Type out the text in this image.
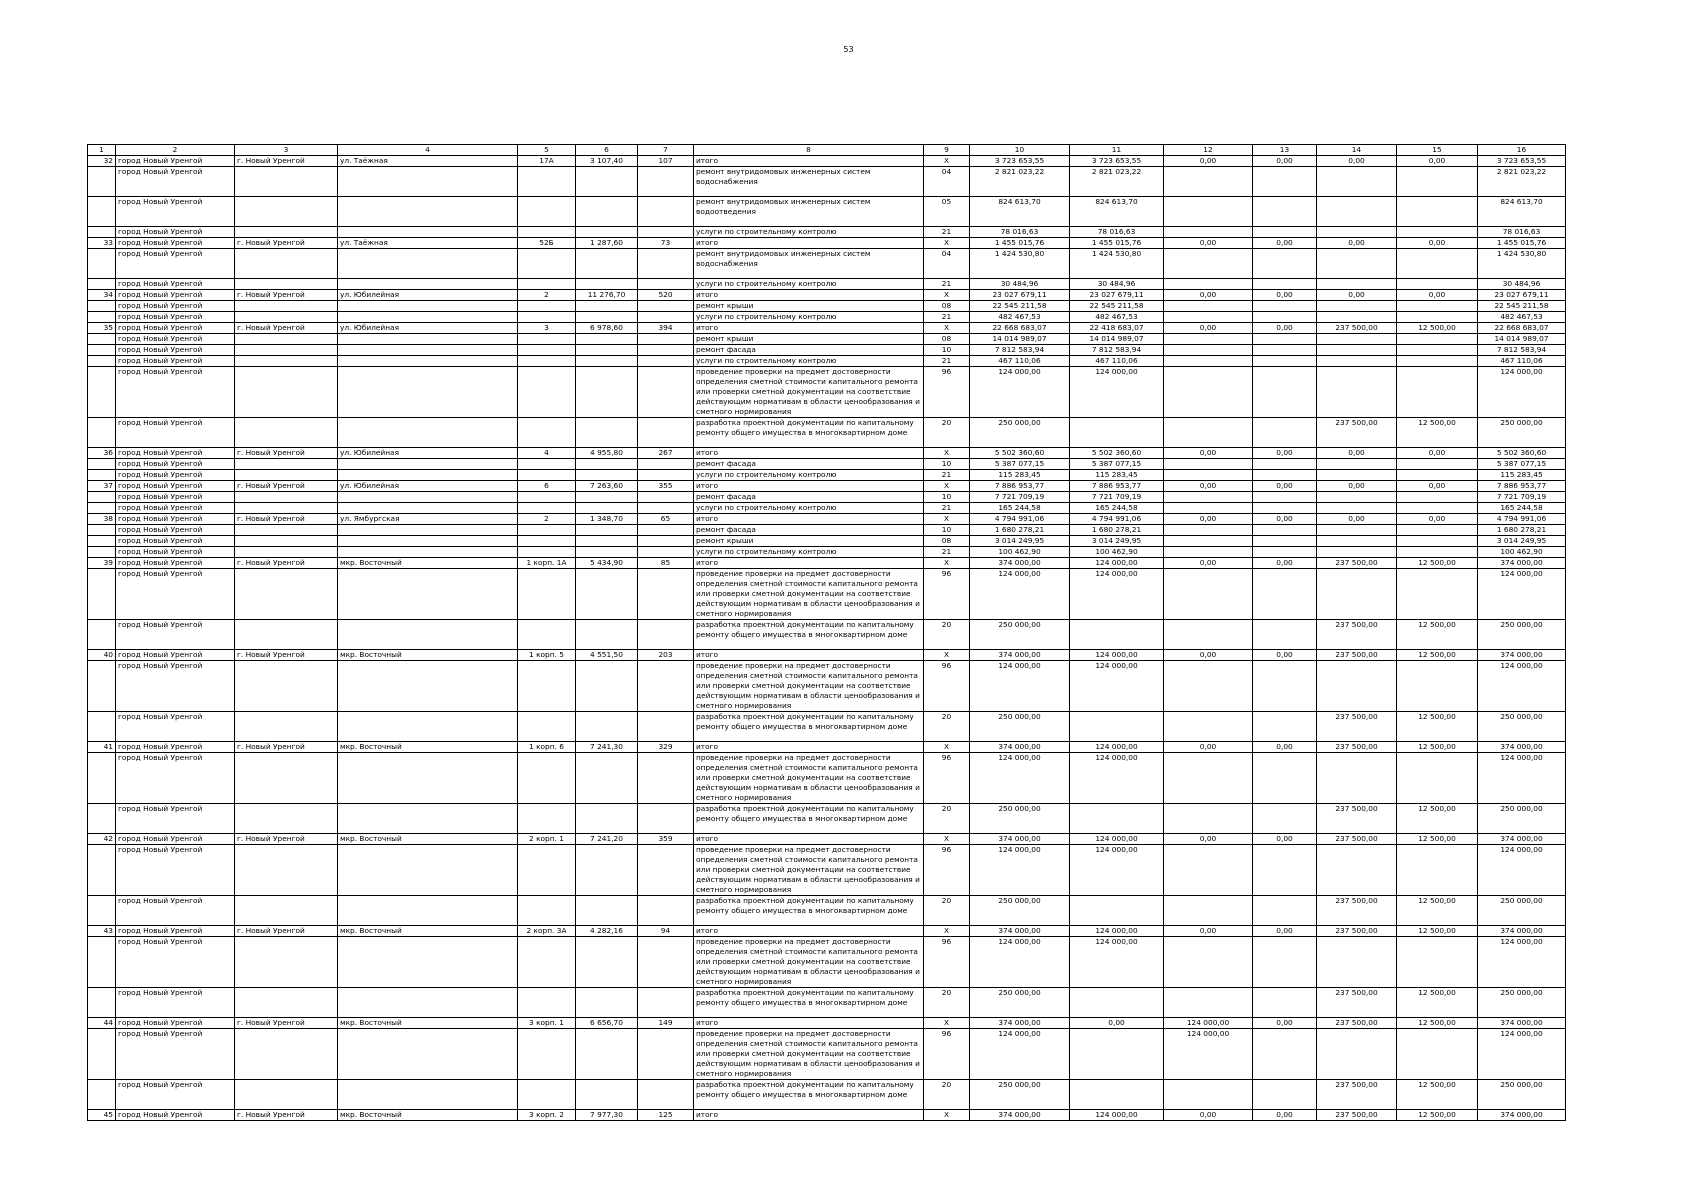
53
1	2	3	4	5	6	7	8	9	10	11	12	13	14	15	16
32	город Новый Уренгой	г. Новый Уренгой	ул. Таёжная	17А	3 107,40	107	итого	Х	3 723 653,55	3 723 653,55	0,00	0,00	0,00	0,00	3 723 653,55
	город Новый Уренгой						ремонт внутридомовых инженерных систем водоснабжения	04	2 821 023,22	2 821 023,22					2 821 023,22
	город Новый Уренгой						ремонт внутридомовых инженерных систем водоотведения	05	824 613,70	824 613,70					824 613,70
	город Новый Уренгой						услуги по строительному контролю	21	78 016,63	78 016,63					78 016,63
33	город Новый Уренгой	г. Новый Уренгой	ул. Таёжная	52Б	1 287,60	73	итого	Х	1 455 015,76	1 455 015,76	0,00	0,00	0,00	0,00	1 455 015,76
	город Новый Уренгой						ремонт внутридомовых инженерных систем водоснабжения	04	1 424 530,80	1 424 530,80					1 424 530,80
	город Новый Уренгой						услуги по строительному контролю	21	30 484,96	30 484,96					30 484,96
34	город Новый Уренгой	г. Новый Уренгой	ул. Юбилейная	2	11 276,70	520	итого	Х	23 027 679,11	23 027 679,11	0,00	0,00	0,00	0,00	23 027 679,11
	город Новый Уренгой						ремонт крыши	08	22 545 211,58	22 545 211,58					22 545 211,58
	город Новый Уренгой						услуги по строительному контролю	21	482 467,53	482 467,53					482 467,53
35	город Новый Уренгой	г. Новый Уренгой	ул. Юбилейная	3	6 978,60	394	итого	Х	22 668 683,07	22 418 683,07	0,00	0,00	237 500,00	12 500,00	22 668 683,07
	город Новый Уренгой						ремонт крыши	08	14 014 989,07	14 014 989,07					14 014 989,07
	город Новый Уренгой						ремонт фасада	10	7 812 583,94	7 812 583,94					7 812 583,94
	город Новый Уренгой						услуги по строительному контролю	21	467 110,06	467 110,06					467 110,06
	город Новый Уренгой						проведение проверки на предмет достоверности определения сметной стоимости капитального ремонта или проверки сметной документации на соответствие действующим нормативам в области ценообразования и сметного нормирования	96	124 000,00	124 000,00					124 000,00
	город Новый Уренгой						разработка проектной документации по капитальному ремонту общего имущества в многоквартирном доме	20	250 000,00				237 500,00	12 500,00	250 000,00
36	город Новый Уренгой	г. Новый Уренгой	ул. Юбилейная	4	4 955,80	267	итого	Х	5 502 360,60	5 502 360,60	0,00	0,00	0,00	0,00	5 502 360,60
	город Новый Уренгой						ремонт фасада	10	5 387 077,15	5 387 077,15					5 387 077,15
	город Новый Уренгой						услуги по строительному контролю	21	115 283,45	115 283,45					115 283,45
37	город Новый Уренгой	г. Новый Уренгой	ул. Юбилейная	6	7 263,60	355	итого	Х	7 886 953,77	7 886 953,77	0,00	0,00	0,00	0,00	7 886 953,77
	город Новый Уренгой						ремонт фасада	10	7 721 709,19	7 721 709,19					7 721 709,19
	город Новый Уренгой						услуги по строительному контролю	21	165 244,58	165 244,58					165 244,58
38	город Новый Уренгой	г. Новый Уренгой	ул. Ямбургская	2	1 348,70	65	итого	Х	4 794 991,06	4 794 991,06	0,00	0,00	0,00	0,00	4 794 991,06
	город Новый Уренгой						ремонт фасада	10	1 680 278,21	1 680 278,21					1 680 278,21
	город Новый Уренгой						ремонт крыши	08	3 014 249,95	3 014 249,95					3 014 249,95
	город Новый Уренгой						услуги по строительному контролю	21	100 462,90	100 462,90					100 462,90
39	город Новый Уренгой	г. Новый Уренгой	мкр. Восточный	1 корп. 1А	5 434,90	85	итого	Х	374 000,00	124 000,00	0,00	0,00	237 500,00	12 500,00	374 000,00
	город Новый Уренгой						проведение проверки на предмет достоверности определения сметной стоимости капитального ремонта или проверки сметной документации на соответствие действующим нормативам в области ценообразования и сметного нормирования	96	124 000,00	124 000,00					124 000,00
	город Новый Уренгой						разработка проектной документации по капитальному ремонту общего имущества в многоквартирном доме	20	250 000,00				237 500,00	12 500,00	250 000,00
40	город Новый Уренгой	г. Новый Уренгой	мкр. Восточный	1 корп. 5	4 551,50	203	итого	Х	374 000,00	124 000,00	0,00	0,00	237 500,00	12 500,00	374 000,00
	город Новый Уренгой						проведение проверки на предмет достоверности определения сметной стоимости капитального ремонта или проверки сметной документации на соответствие действующим нормативам в области ценообразования и сметного нормирования	96	124 000,00	124 000,00					124 000,00
	город Новый Уренгой						разработка проектной документации по капитальному ремонту общего имущества в многоквартирном доме	20	250 000,00				237 500,00	12 500,00	250 000,00
41	город Новый Уренгой	г. Новый Уренгой	мкр. Восточный	1 корп. 6	7 241,30	329	итого	Х	374 000,00	124 000,00	0,00	0,00	237 500,00	12 500,00	374 000,00
	город Новый Уренгой						проведение проверки на предмет достоверности определения сметной стоимости капитального ремонта или проверки сметной документации на соответствие действующим нормативам в области ценообразования и сметного нормирования	96	124 000,00	124 000,00					124 000,00
	город Новый Уренгой						разработка проектной документации по капитальному ремонту общего имущества в многоквартирном доме	20	250 000,00				237 500,00	12 500,00	250 000,00
42	город Новый Уренгой	г. Новый Уренгой	мкр. Восточный	2 корп. 1	7 241,20	359	итого	Х	374 000,00	124 000,00	0,00	0,00	237 500,00	12 500,00	374 000,00
	город Новый Уренгой						проведение проверки на предмет достоверности определения сметной стоимости капитального ремонта или проверки сметной документации на соответствие действующим нормативам в области ценообразования и сметного нормирования	96	124 000,00	124 000,00					124 000,00
	город Новый Уренгой						разработка проектной документации по капитальному ремонту общего имущества в многоквартирном доме	20	250 000,00				237 500,00	12 500,00	250 000,00
43	город Новый Уренгой	г. Новый Уренгой	мкр. Восточный	2 корп. 3А	4 282,16	94	итого	Х	374 000,00	124 000,00	0,00	0,00	237 500,00	12 500,00	374 000,00
	город Новый Уренгой						проведение проверки на предмет достоверности определения сметной стоимости капитального ремонта или проверки сметной документации на соответствие действующим нормативам в области ценообразования и сметного нормирования	96	124 000,00	124 000,00					124 000,00
	город Новый Уренгой						разработка проектной документации по капитальному ремонту общего имущества в многоквартирном доме	20	250 000,00				237 500,00	12 500,00	250 000,00
44	город Новый Уренгой	г. Новый Уренгой	мкр. Восточный	3 корп. 1	6 656,70	149	итого	Х	374 000,00	0,00	124 000,00	0,00	237 500,00	12 500,00	374 000,00
	город Новый Уренгой						проведение проверки на предмет достоверности определения сметной стоимости капитального ремонта или проверки сметной документации на соответствие действующим нормативам в области ценообразования и сметного нормирования	96	124 000,00		124 000,00				124 000,00
	город Новый Уренгой						разработка проектной документации по капитальному ремонту общего имущества в многоквартирном доме	20	250 000,00				237 500,00	12 500,00	250 000,00
45	город Новый Уренгой	г. Новый Уренгой	мкр. Восточный	3 корп. 2	7 977,30	125	итого	Х	374 000,00	124 000,00	0,00	0,00	237 500,00	12 500,00	374 000,00
